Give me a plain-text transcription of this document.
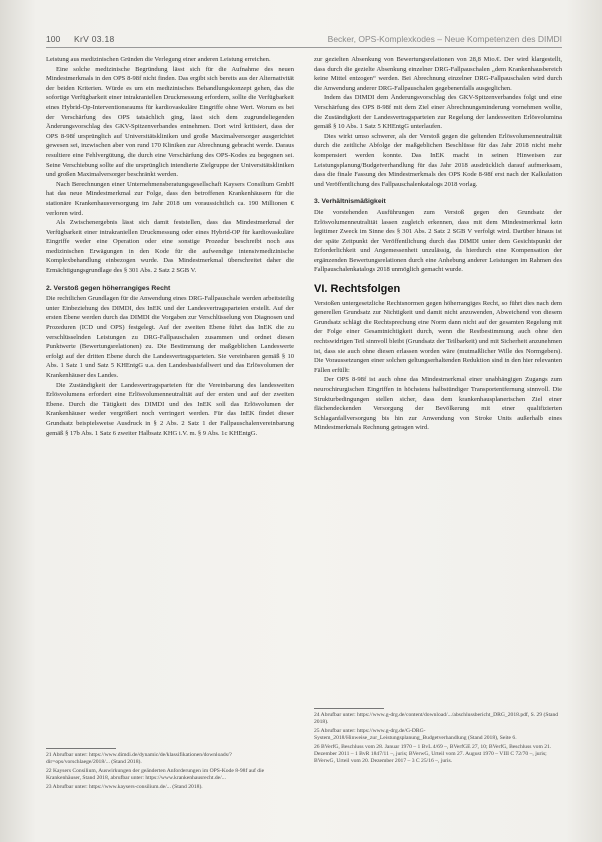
100 KrV 03.18	Becker, OPS-Komplexkodes – Neue Kompetenzen des DIMDI

Leistung aus medizinischen Gründen die Verlegung einer anderen Leistung erreichen.

Eine solche medizinische Begründung lässt sich für die Aufnahme des neuen Mindestmerkmals in den OPS 8-98f nicht finden. Das ergibt sich bereits aus der Alternativität der beiden Kriterien. Würde es um ein medizinisches Behandlungskonzept gehen, das die sofortige Verfügbarkeit einer intrakraniellen Druckmessung erfordern, sollte die Verfügbarkeit eines Hybrid-Op-Interventionsraums für kardiovaskuläre Eingriffe ohne Wert. Worum es bei der Verschärfung des OPS tatsächlich ging, lässt sich dem zugrundeliegenden Änderungsvorschlag des GKV-Spitzenverbandes entnehmen. Dort wird kritisiert, dass der OPS 8-98f ursprünglich auf Universitätskliniken und große Maximalversorger ausgerichtet gewesen sei, inzwischen aber von rund 170 Kliniken zur Abrechnung gebracht werde. Daraus resultiere eine Fehlvergütung, die durch eine Verschärfung des OPS-Kodes zu begegnen sei. Seine Verschiebung sollte auf die ursprünglich intendierte Zielgruppe der Universitätskliniken und großen Maximalversorger beschränkt werden.

Nach Berechnungen einer Unternehmensberatungsgesellschaft Kaysers Consilium GmbH hat das neue Mindestmerkmal zur Folge, dass den betroffenen Krankenhäusern für die stationäre Krankenhausversorgung im Jahr 2018 um voraussichtlich ca. 190 Millionen € verloren wird.

Als Zwischenergebnis lässt sich damit feststellen, dass das Mindestmerkmal der Verfügbarkeit einer intrakraniellen Druckmessung oder eines Hybrid-OP für kardiovaskuläre Eingriffe weder eine Operation oder eine sonstige Prozedur beschreibt noch aus medizinischen Erwägungen in den Kode für die aufwendige intensivmedizinische Komplexbehandlung einbezogen wurde. Das Mindestmerkmal überschreitet daher die Ermächtigungsgrundlage des § 301 Abs. 2 Satz 2 SGB V.

2. Verstoß gegen höherrangiges Recht

Die rechtlichen Grundlagen für die Anwendung eines DRG-Fallpauschale werden arbeitsteilig unter Einbeziehung des DIMDI, des InEK und der Landesvertragsparteien erstellt. Auf der ersten Ebene werden durch das DIMDI die Vorgaben zur Verschlüsselung von Diagnosen und Prozeduren (ICD und OPS) festgelegt. Auf der zweiten Ebene führt das InEK die zu verschlüsselnden Leistungen zu DRG-Fallpauschalen zusammen und ordnet diesen Punktwerte (Bewertungsrelationen) zu. Die Bestimmung der maßgeblichen Landeswerte erfolgt auf der dritten Ebene durch die Landesvertragsparteien. Sie vereinbaren gemäß § 10 Abs. 1 Satz 1 und Satz 5 KHEntgG u.a. den Landesbasisfallwert und das Erlösvolumen der Krankenhäuser des Landes.

Die Zuständigkeit der Landesvertragsparteien für die Vereinbarung des landesweiten Erlösvolumens erfordert eine Erlösvolumenneutralität auf der ersten und auf der zweiten Ebene. Durch die Tätigkeit des DIMDI und des InEK soll das Erlösvolumen der Krankenhäuser weder vergrößert noch verringert werden. Für das InEK findet dieser Grundsatz beispielsweise Ausdruck in § 2 Abs. 2 Satz 1 der Fallpauschalenvereinbarung gemäß § 17b Abs. 1 Satz 6 zweiter Halbsatz KHG i.V. m. § 9 Abs. 1c KHEntgG.

21 Abrufbar unter: https://www.dimdi.de/dynamic/de/klassifikationen/downloads/?dir=ops/vorschlaege/2018/... (Stand 2018).

22 Kaysers Consilium, Auswirkungen der geänderten Anforderungen im OPS-Kode 8-98f auf die Krankenhäuser, Stand 2018, abrufbar unter: https://www.krankenhausrecht.de/...

23 Abrufbar unter: https://www.kaysers-consilium.de/... (Stand 2018).

zur gezielten Absenkung von Bewertungsrelationen von 28,8 Mio.€. Der wird klargestellt, dass durch die gezielte Absenkung einzelner DRG-Fallpauschalen „dem Krankenhausbereich keine Mittel entzogen“ werden. Bei Abrechnung einzelner DRG-Fallpauschalen wird durch die Anwendung anderer DRG-Fallpauschalen gegebenenfalls ausgeglichen.

Indem das DIMDI dem Änderungsvorschlag des GKV-Spitzenverbandes folgt und eine Verschärfung des OPS 8-98f mit dem Ziel einer Abrechnungsminderung vornehmen wollte, die Zuständigkeit der Landesvertragsparteien zur Regelung der landesweiten Erlösvolumina gemäß § 10 Abs. 1 Satz 5 KHEntgG unterlaufen.

Dies wirkt umso schwerer, als der Verstoß gegen die geltenden Erlösvolumenneutralität durch die zeitliche Abfolge der maßgeblichen Beschlüsse für das Jahr 2018 nicht mehr kompensiert werden konnte. Das InEK macht in seinen Hinweisen zur Leistungsplanung/Budgetverhandlung für das Jahr 2018 ausdrücklich darauf aufmerksam, dass die finale Fassung des Mindestmerkmals des OPS Kode 8-98f erst nach der Kalkulation und Veröffentlichung des Fallpauschalenkatalogs 2018 vorlag.

3. Verhältnismäßigkeit

Die vorstehenden Ausführungen zum Verstoß gegen den Grundsatz der Erlösvolumenneutralität lassen zugleich erkennen, dass mit dem Mindestmerkmal kein legitimer Zweck im Sinne des § 301 Abs. 2 Satz 2 SGB V verfolgt wird. Darüber hinaus ist der späte Zeitpunkt der Veröffentlichung durch das DIMDI unter dem Gesichtspunkt der Erforderlichkeit und Angemessenheit unzulässig, da hierdurch eine Kompensation der ergänzenden Bewertungsrelationen durch eine Anhebung anderer Leistungen im Rahmen des Fallpauschalenkatalogs 2018 unmöglich gemacht wurde.

VI. Rechtsfolgen

Verstoßen untergesetzliche Rechtsnormen gegen höherrangiges Recht, so führt dies nach dem generellen Grundsatz zur Nichtigkeit und damit nicht anzuwenden, Abweichend von diesem Grundsatz schlägt die Rechtsprechung eine Norm dann nicht auf der gesamten Regelung mit der Folge einer Gesamtnichtigkeit durch, wenn die Restbestimmung auch ohne den rechtswidrigen Teil sinnvoll bleibt (Grundsatz der Teilbarkeit) und mit Sicherheit anzunehmen ist, dass sie auch ohne diesen erlassen worden wäre (mutmaßlicher Wille des Normgebers). Die Voraussetzungen einer solchen geltungserhaltenden Reduktion sind in den hier relevanten Fällen erfüllt:

Der OPS 8-98f ist auch ohne das Mindestmerkmal einer unabhängigen Zugangs zum neurochirurgischen Eingriffen in höchstens halbstündiger Transportentfernung sinnvoll. Die Strukturbedingungen stellen sicher, dass dem krankenhausplanerischen Ziel einer flächendeckenden Versorgung der Bevölkerung mit einer qualifizierten Schlaganfallversorgung bis hin zur Anwendung von Stroke Units außerhalb eines Mindestmerkmals Rechnung getragen wird.

24 Abrufbar unter: https://www.g-drg.de/content/download/.../abschlussbericht_DRG_2018.pdf, S. 29 (Stand 2018).

25 Abrufbar unter: https://www.g-drg.de/G-DRG-System_2018/Hinweise_zur_Leistungsplanung_Budgetverhandlung (Stand 2018), Seite 6.

26 BVerfG, Beschluss vom 28. Januar 1970 – 1 BvL 4/69 –, BVerfGE 27, 10; BVerfG, Beschluss vom 21. Dezember 2011 – 1 BvR 1847/11 –, juris; BVerwG, Urteil vom 27. August 1970 – VIII C 72/70 –, juris; BVerwG, Urteil vom 20. Dezember 2017 – 3 C 25/16 –, juris.
